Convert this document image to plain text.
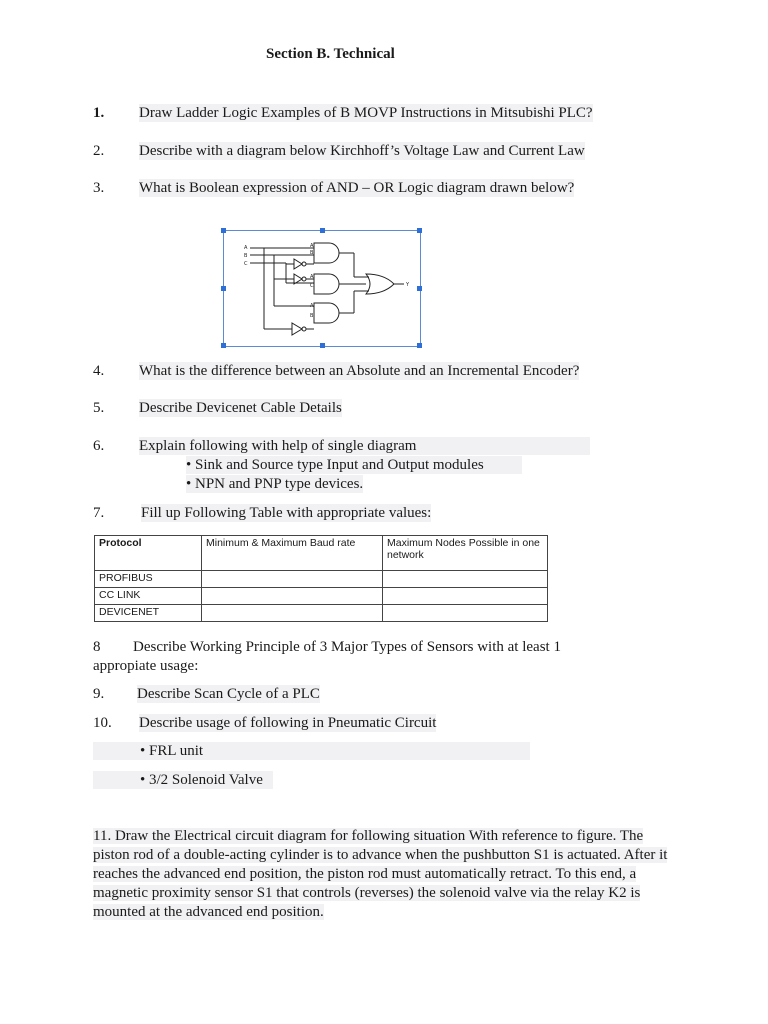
Section B. Technical
1. Draw Ladder Logic Examples of B MOVP Instructions in Mitsubishi PLC?
2. Describe with a diagram below Kirchhoff’s Voltage Law and Current Law
3. What is Boolean expression of AND – OR Logic diagram drawn below?
A
B
C
Y
A
B
A
C
A
B
4. What is the difference between an Absolute and an Incremental Encoder?
5. Describe Devicenet Cable Details
6. Explain following with help of single diagram
• Sink and Source type Input and Output modules
• NPN and PNP type devices.
7. Fill up Following Table with appropriate values:
Protocol	Minimum & Maximum Baud rate	Maximum Nodes Possible in one network
PROFIBUS		
CC LINK		
DEVICENET		
8 Describe Working Principle of 3 Major Types of Sensors with at least 1
appropiate usage:
9. Describe Scan Cycle of a PLC
10. Describe usage of following in Pneumatic Circuit
• FRL unit
• 3/2 Solenoid Valve
11. Draw the Electrical circuit diagram for following situation With reference to figure. The piston rod of a double-acting cylinder is to advance when the pushbutton S1 is actuated. After it reaches the advanced end position, the piston rod must automatically retract. To this end, a magnetic proximity sensor S1 that controls (reverses) the solenoid valve via the relay K2 is mounted at the advanced end position.
